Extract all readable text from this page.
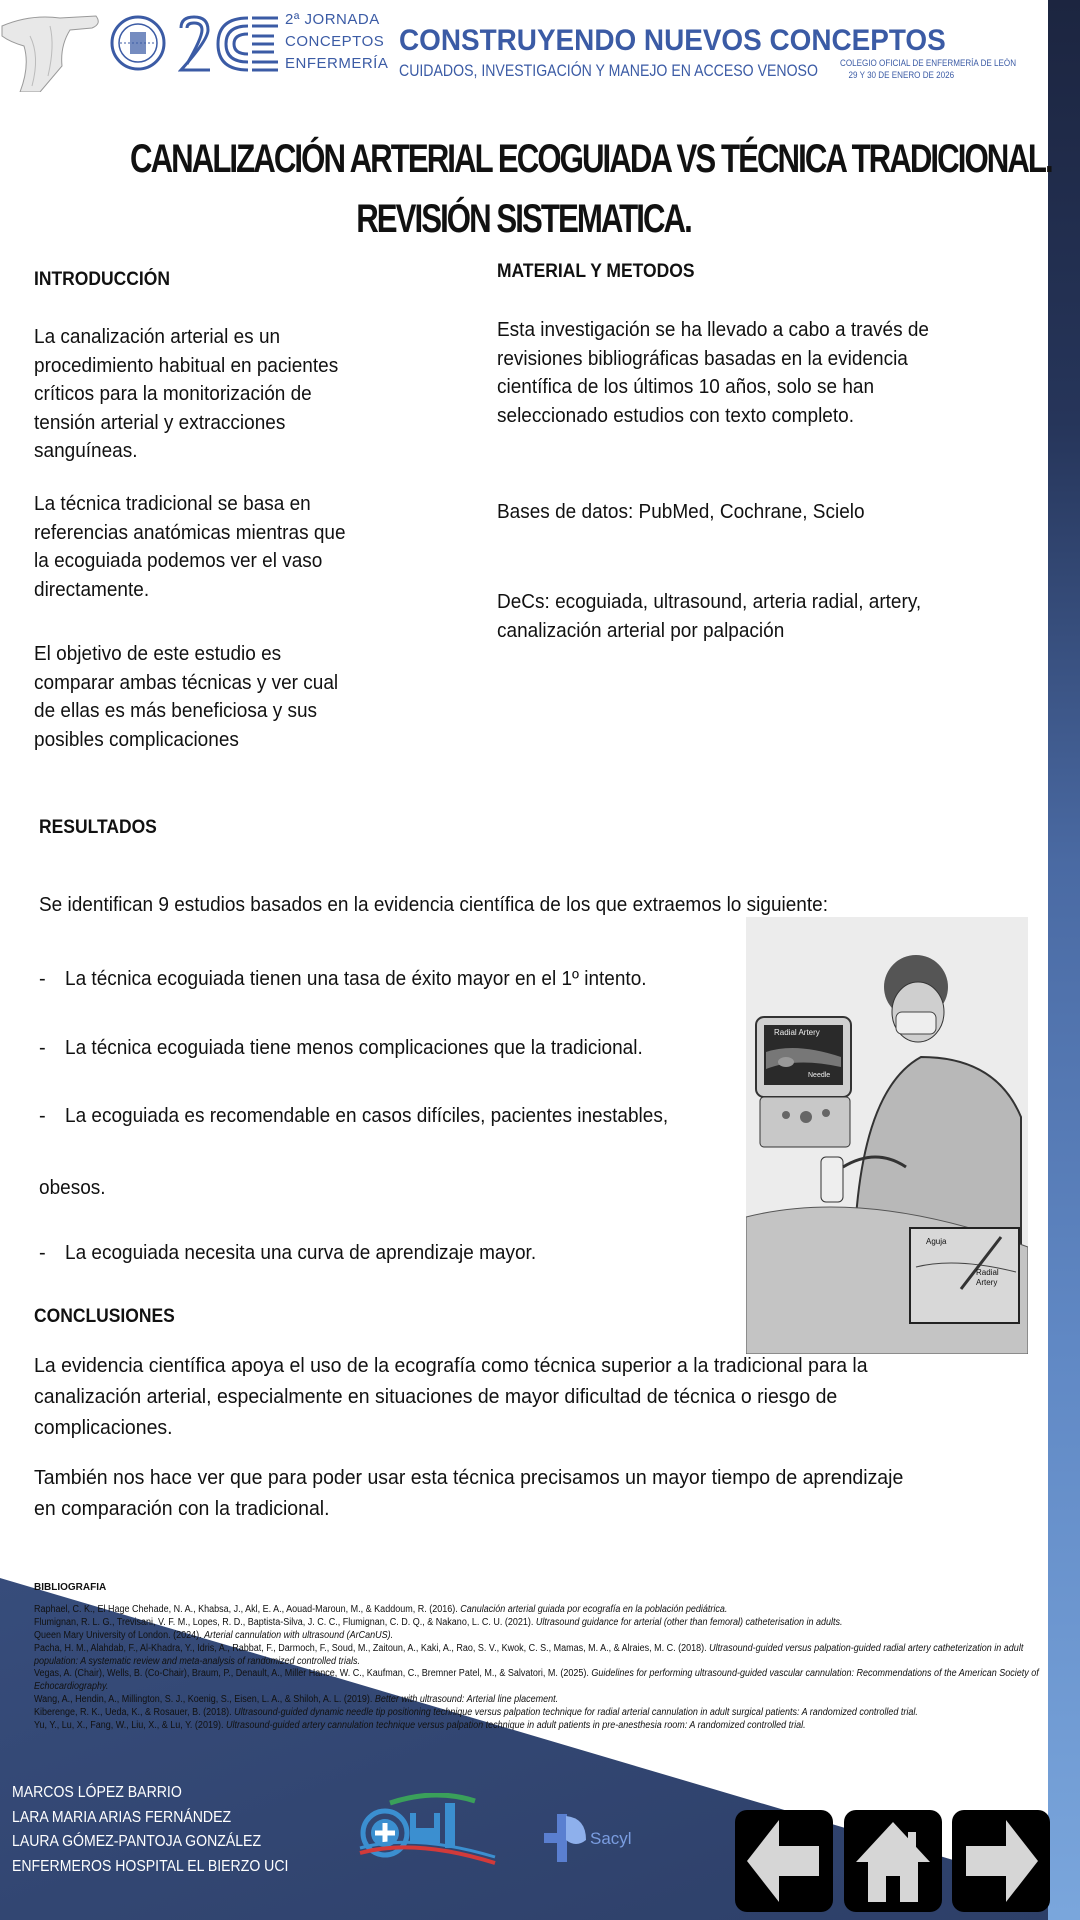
2ª JORNADA
CONCEPTOS
ENFERMERÍA
CONSTRUYENDO NUEVOS CONCEPTOS
CUIDADOS, INVESTIGACIÓN Y MANEJO EN ACCESO VENOSO COLEGIO OFICIAL DE ENFERMERÍA DE LEÓN
29 Y 30 DE ENERO DE 2026
CANALIZACIÓN ARTERIAL ECOGUIADA VS TÉCNICA TRADICIONAL.
REVISIÓN SISTEMATICA.
INTRODUCCIÓN
La canalización arterial es un
procedimiento habitual en pacientes
críticos para la monitorización de
tensión arterial y extracciones
sanguíneas.
La técnica tradicional se basa en
referencias anatómicas mientras que
la ecoguiada podemos ver el vaso
directamente.
El objetivo de este estudio es
comparar ambas técnicas y ver cual
de ellas es más beneficiosa y sus
posibles complicaciones
MATERIAL Y METODOS
Esta investigación se ha llevado a cabo a través de
revisiones bibliográficas basadas en la evidencia
científica de los últimos 10 años, solo se han
seleccionado estudios con texto completo.
Bases de datos: PubMed, Cochrane, Scielo
DeCs: ecoguiada, ultrasound, arteria radial, artery,
canalización arterial por palpación
RESULTADOS
Se identifican 9 estudios basados en la evidencia científica de los que extraemos lo siguiente:
- La técnica ecoguiada tienen una tasa de éxito mayor en el 1º intento.
- La técnica ecoguiada tiene menos complicaciones que la tradicional.
- La ecoguiada es recomendable en casos difíciles, pacientes inestables,
obesos.
- La ecoguiada necesita una curva de aprendizaje mayor.
Radial Artery
Needle
Aguja
Radial
Artery
CONCLUSIONES

La evidencia científica apoya el uso de la ecografía como técnica superior a la tradicional para la
canalización arterial, especialmente en situaciones de mayor dificultad de técnica o riesgo de
complicaciones.

También nos hace ver que para poder usar esta técnica precisamos un mayor tiempo de aprendizaje
en comparación con la tradicional.

BIBLIOGRAFIA
Raphael, C. K., El Hage Chehade, N. A., Khabsa, J., Akl, E. A., Aouad-Maroun, M., & Kaddoum, R. (2016). Canulación arterial guiada por ecografía en la población pediátrica.
Flumignan, R. L. G., Trevisani, V. F. M., Lopes, R. D., Baptista-Silva, J. C. C., Flumignan, C. D. Q., & Nakano, L. C. U. (2021). Ultrasound guidance for arterial (other than femoral) catheterisation in adults.
Queen Mary University of London. (2024). Arterial cannulation with ultrasound (ArCanUS).
Pacha, H. M., Alahdab, F., Al-Khadra, Y., Idris, A., Rabbat, F., Darmoch, F., Soud, M., Zaitoun, A., Kaki, A., Rao, S. V., Kwok, C. S., Mamas, M. A., & Alraies, M. C. (2018). Ultrasound-guided versus palpation-guided radial artery catheterization in adult population: A systematic review and meta-analysis of randomized controlled trials.
Vegas, A. (Chair), Wells, B. (Co-Chair), Braum, P., Denault, A., Miller Hance, W. C., Kaufman, C., Bremner Patel, M., & Salvatori, M. (2025). Guidelines for performing ultrasound-guided vascular cannulation: Recommendations of the American Society of Echocardiography.
Wang, A., Hendin, A., Millington, S. J., Koenig, S., Eisen, L. A., & Shiloh, A. L. (2019). Better with ultrasound: Arterial line placement.
Kiberenge, R. K., Ueda, K., & Rosauer, B. (2018). Ultrasound-guided dynamic needle tip positioning technique versus palpation technique for radial arterial cannulation in adult surgical patients: A randomized controlled trial.
Yu, Y., Lu, X., Fang, W., Liu, X., & Lu, Y. (2019). Ultrasound-guided artery cannulation technique versus palpation technique in adult patients in pre-anesthesia room: A randomized controlled trial.
MARCOS LÓPEZ BARRIO
LARA MARIA ARIAS FERNÁNDEZ
LAURA GÓMEZ-PANTOJA GONZÁLEZ
ENFERMEROS HOSPITAL EL BIERZO UCI
Sacyl
